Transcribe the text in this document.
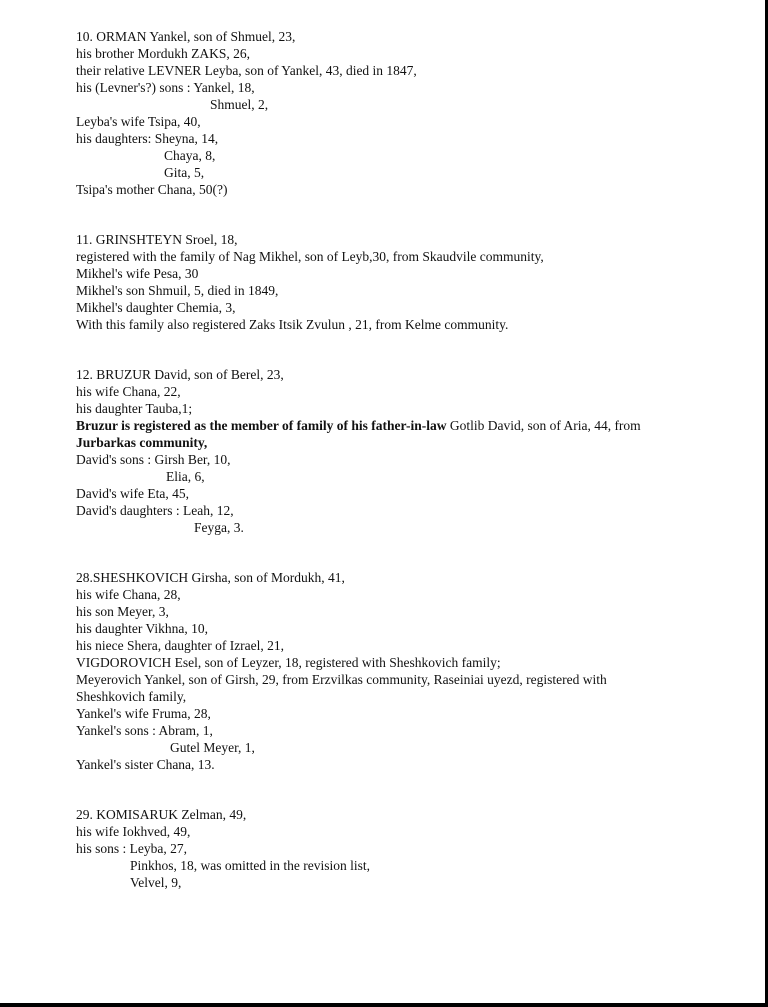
10. ORMAN Yankel, son of Shmuel, 23,
his brother Mordukh ZAKS, 26,
their relative LEVNER Leyba, son of Yankel, 43, died in 1847,
his (Levner's?) sons : Yankel, 18,
Shmuel, 2,
Leyba's wife Tsipa, 40,
his daughters: Sheyna, 14,
Chaya, 8,
Gita, 5,
Tsipa's mother Chana, 50(?)
11. GRINSHTEYN Sroel, 18,
registered with the family of Nag Mikhel, son of Leyb,30, from Skaudvile community,
Mikhel's wife Pesa, 30
Mikhel's son Shmuil, 5, died in 1849,
Mikhel's daughter Chemia, 3,
With this family also registered Zaks Itsik Zvulun , 21, from Kelme community.
12. BRUZUR David, son of Berel, 23,
his wife Chana, 22,
his daughter Tauba,1;
Bruzur is registered as the member of family of his father-in-law Gotlib David, son of Aria, 44, from
Jurbarkas community,
David's sons : Girsh Ber, 10,
Elia, 6,
David's wife Eta, 45,
David's daughters : Leah, 12,
Feyga, 3.
28.SHESHKOVICH Girsha, son of Mordukh, 41,
his wife Chana, 28,
his son Meyer, 3,
his daughter Vikhna, 10,
his niece Shera, daughter of Izrael, 21,
VIGDOROVICH Esel, son of Leyzer, 18, registered with Sheshkovich family;
Meyerovich Yankel, son of Girsh, 29, from Erzvilkas community, Raseiniai uyezd, registered with
Sheshkovich family,
Yankel's wife Fruma, 28,
Yankel's sons : Abram, 1,
Gutel Meyer, 1,
Yankel's sister Chana, 13.
29. KOMISARUK Zelman, 49,
his wife Iokhved, 49,
his sons : Leyba, 27,
Pinkhos, 18, was omitted in the revision list,
Velvel, 9,
